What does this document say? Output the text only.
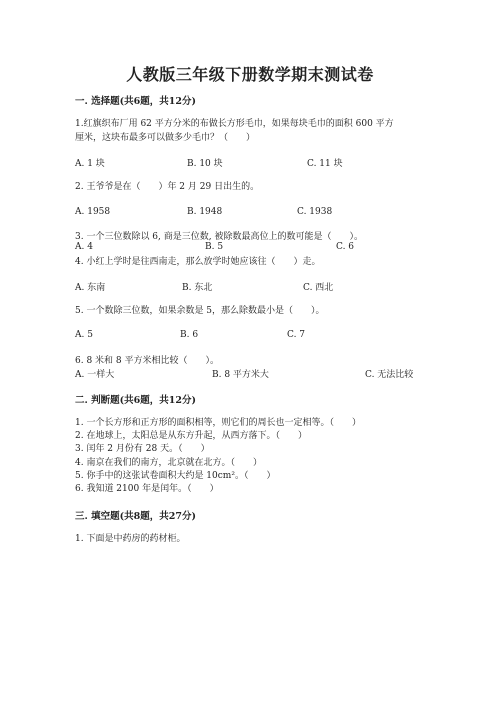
人教版三年级下册数学期末测试卷
一. 选择题(共6题，共12分)
1.红旗织布厂用 62 平方分米的布做长方形毛巾，如果每块毛巾的面积 600 平方
厘米，这块布最多可以做多少毛巾？（　　）
A. 1 块	B. 10 块	C. 11 块
2. 王爷爷是在（　　）年 2 月 29 日出生的。
A. 1958	B. 1948	C. 1938
3. 一个三位数除以 6, 商是三位数, 被除数最高位上的数可能是（　　）。
A. 4	B. 5	C. 6
4. 小红上学时是往西南走，那么放学时她应该往（　　）走。
A. 东南	B. 东北	C. 西北
5. 一个数除三位数，如果余数是 5，那么除数最小是（　　）。
A. 5	B. 6	C. 7
6. 8 米和 8 平方米相比较（　　）。
A. 一样大	B. 8 平方米大	C. 无法比较
二. 判断题(共6题，共12分)
1. 一个长方形和正方形的面积相等，则它们的周长也一定相等。（　　）
2. 在地球上，太阳总是从东方升起，从西方落下。（　　）
3. 闰年 2 月份有 28 天。（　　）
4. 南京在我们的南方，北京就在北方。（　　）
5. 你手中的这张试卷面积大约是 10cm²。（　　）
6. 我知道 2100 年是闰年。（　　）
三. 填空题(共8题，共27分)
1. 下面是中药房的药材柜。
